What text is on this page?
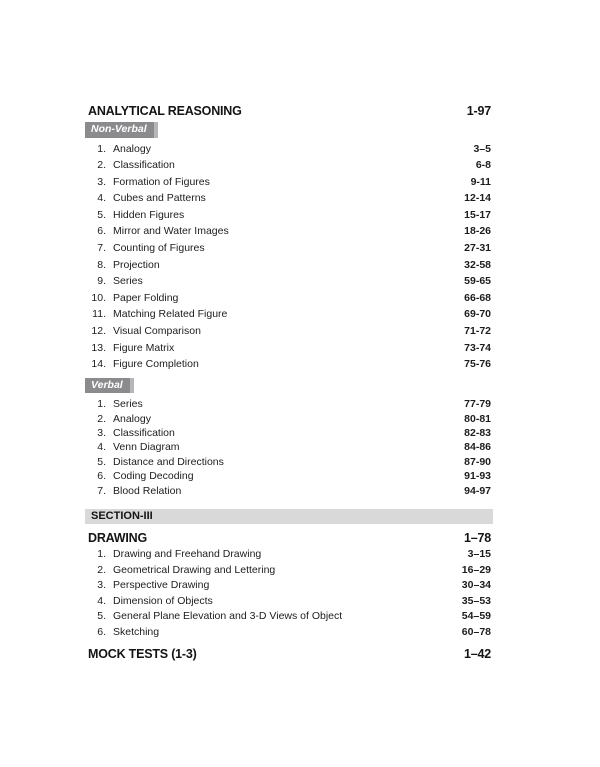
ANALYTICAL REASONING	1-97
Non-Verbal
1. Analogy	3–5
2. Classification	6-8
3. Formation of Figures	9-11
4. Cubes and Patterns	12-14
5. Hidden Figures	15-17
6. Mirror and Water Images	18-26
7. Counting of Figures	27-31
8. Projection	32-58
9. Series	59-65
10. Paper Folding	66-68
11. Matching Related Figure	69-70
12. Visual Comparison	71-72
13. Figure Matrix	73-74
14. Figure Completion	75-76
Verbal
1. Series	77-79
2. Analogy	80-81
3. Classification	82-83
4. Venn Diagram	84-86
5. Distance and Directions	87-90
6. Coding Decoding	91-93
7. Blood Relation	94-97
SECTION-III
DRAWING	1–78
1. Drawing and Freehand Drawing	3–15
2. Geometrical Drawing and Lettering	16–29
3. Perspective Drawing	30–34
4. Dimension of Objects	35–53
5. General Plane Elevation and 3-D Views of Object	54–59
6. Sketching	60–78
MOCK TESTS (1-3)	1–42
